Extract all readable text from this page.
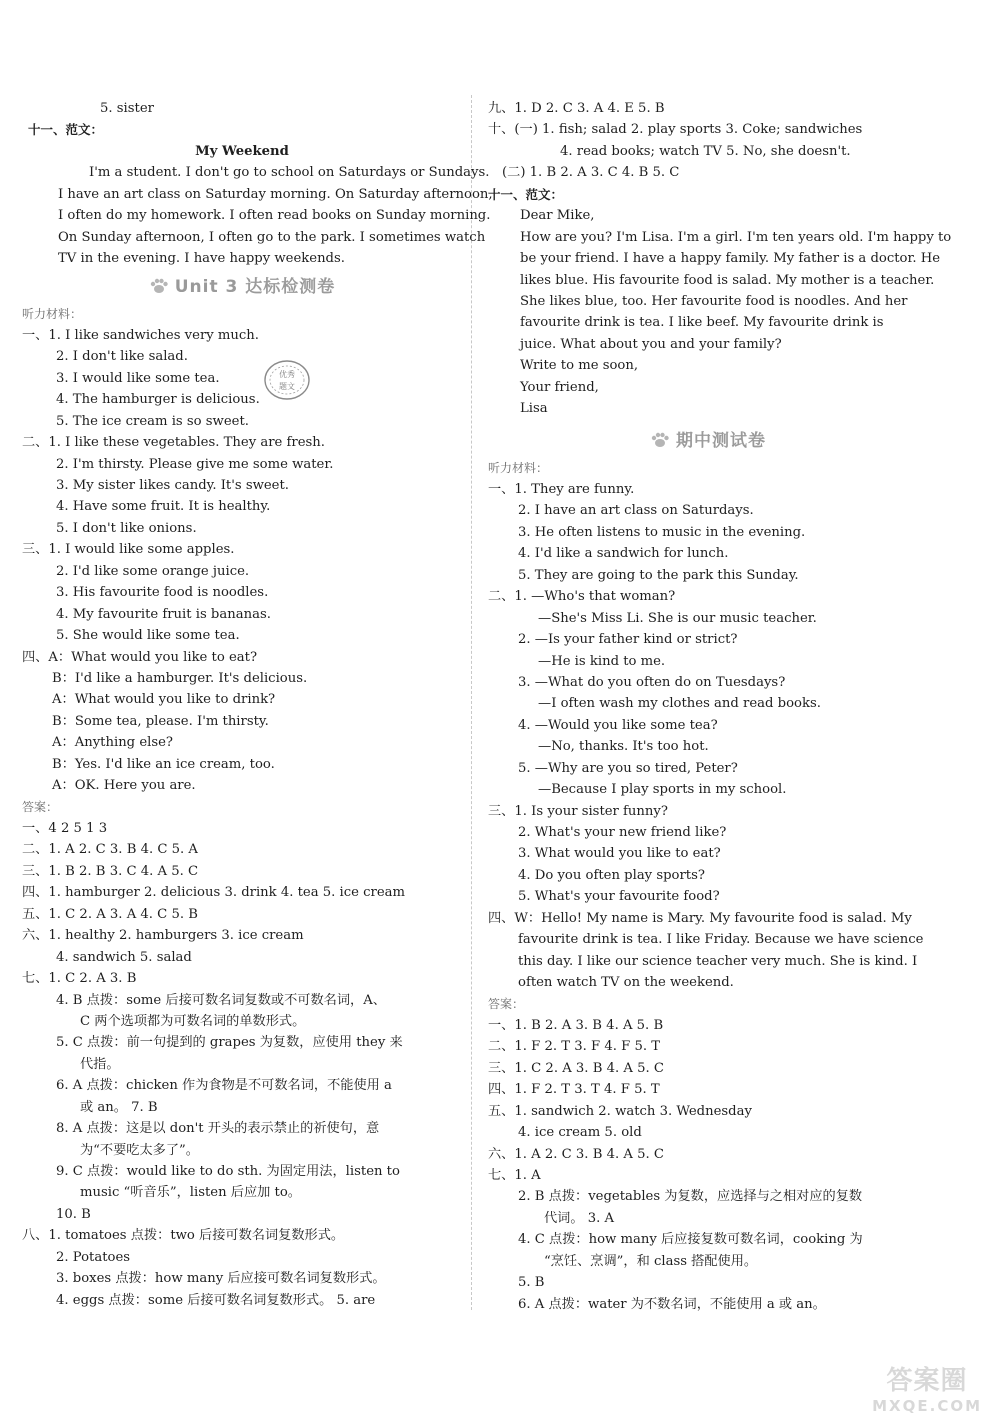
5. sister
十一、范文：
My Weekend
I'm a student. I don't go to school on Saturdays or Sundays.
I have an art class on Saturday morning. On Saturday afternoon,
I often do my homework. I often read books on Sunday morning.
On Sunday afternoon, I often go to the park. I sometimes watch
TV in the evening. I have happy weekends.
Unit 3 达标检测卷
听力材料：
一、1. I like sandwiches very much.
2. I don't like salad.
3. I would like some tea.
4. The hamburger is delicious.
5. The ice cream is so sweet.
二、1. I like these vegetables. They are fresh.
2. I'm thirsty. Please give me some water.
3. My sister likes candy. It's sweet.
4. Have some fruit. It is healthy.
5. I don't like onions.
三、1. I would like some apples.
2. I'd like some orange juice.
3. His favourite food is noodles.
4. My favourite fruit is bananas.
5. She would like some tea.
四、A：What would you like to eat?
B：I'd like a hamburger. It's delicious.
A：What would you like to drink?
B：Some tea, please. I'm thirsty.
A：Anything else?
B：Yes. I'd like an ice cream, too.
A：OK. Here you are.
答案：
一、4 2 5 1 3
二、1. A 2. C 3. B 4. C 5. A
三、1. B 2. B 3. C 4. A 5. C
四、1. hamburger 2. delicious 3. drink 4. tea 5. ice cream
五、1. C 2. A 3. A 4. C 5. B
六、1. healthy 2. hamburgers 3. ice cream
4. sandwich 5. salad
七、1. C 2. A 3. B
4. B 点拨：some 后接可数名词复数或不可数名词，A、
C 两个选项都为可数名词的单数形式。
5. C 点拨：前一句提到的 grapes 为复数，应使用 they 来
代指。
6. A 点拨：chicken 作为食物是不可数名词，不能使用 a
或 an。 7. B
8. A 点拨：这是以 don't 开头的表示禁止的祈使句，意
为“不要吃太多了”。
9. C 点拨：would like to do sth. 为固定用法，listen to
music “听音乐”，listen 后应加 to。
10. B
八、1. tomatoes 点拨：two 后接可数名词复数形式。
2. Potatoes
3. boxes 点拨：how many 后应接可数名词复数形式。
4. eggs 点拨：some 后接可数名词复数形式。 5. are
九、1. D 2. C 3. A 4. E 5. B
十、(一) 1. fish; salad 2. play sports 3. Coke; sandwiches
4. read books; watch TV 5. No, she doesn't.
(二) 1. B 2. A 3. C 4. B 5. C
十一、范文：
Dear Mike,
How are you? I'm Lisa. I'm a girl. I'm ten years old. I'm happy to
be your friend. I have a happy family. My father is a doctor. He
likes blue. His favourite food is salad. My mother is a teacher.
She likes blue, too. Her favourite food is noodles. And her
favourite drink is tea. I like beef. My favourite drink is
juice. What about you and your family?
Write to me soon,
Your friend,
Lisa
期中测试卷
听力材料：
一、1. They are funny.
2. I have an art class on Saturdays.
3. He often listens to music in the evening.
4. I'd like a sandwich for lunch.
5. They are going to the park this Sunday.
二、1. —Who's that woman?
—She's Miss Li. She is our music teacher.
2. —Is your father kind or strict?
—He is kind to me.
3. —What do you often do on Tuesdays?
—I often wash my clothes and read books.
4. —Would you like some tea?
—No, thanks. It's too hot.
5. —Why are you so tired, Peter?
—Because I play sports in my school.
三、1. Is your sister funny?
2. What's your new friend like?
3. What would you like to eat?
4. Do you often play sports?
5. What's your favourite food?
四、W：Hello! My name is Mary. My favourite food is salad. My
favourite drink is tea. I like Friday. Because we have science
this day. I like our science teacher very much. She is kind. I
often watch TV on the weekend.
答案：
一、1. B 2. A 3. B 4. A 5. B
二、1. F 2. T 3. F 4. F 5. T
三、1. C 2. A 3. B 4. A 5. C
四、1. F 2. T 3. T 4. F 5. T
五、1. sandwich 2. watch 3. Wednesday
4. ice cream 5. old
六、1. A 2. C 3. B 4. A 5. C
七、1. A
2. B 点拨：vegetables 为复数，应选择与之相对应的复数
代词。 3. A
4. C 点拨：how many 后应接复数可数名词，cooking 为
“烹饪、烹调”，和 class 搭配使用。
5. B
6. A 点拨：water 为不数名词，不能使用 a 或 an。
优秀
题文
答案圈
MXQE.COM
